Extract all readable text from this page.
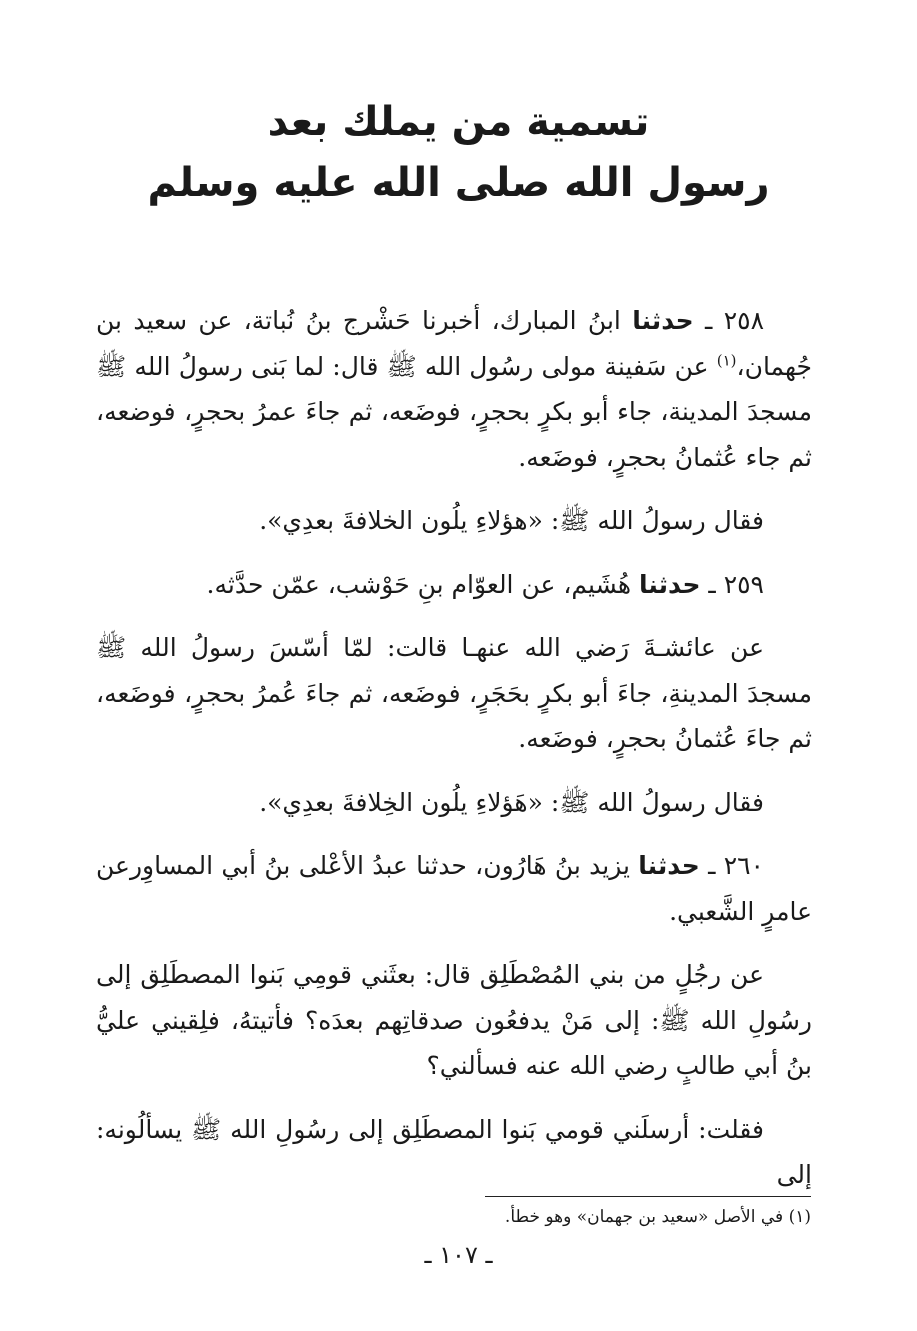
تسمية من يملك بعد
رسول الله صلى الله عليه وسلم

٢٥٨ ـ حدثنا ابنُ المبارك، أخبرنا حَشْرج بنُ نُباتة، عن سعيد بن جُهمان،$^{(١)}$ عن سَفينة مولى رسُول الله ﷺ قال: لما بَنى رسولُ الله ﷺ مسجدَ المدينة، جاء أبو بكرٍ بحجرٍ، فوضَعه، ثم جاءَ عمرُ بحجرٍ، فوضعه، ثم جاء عُثمانُ بحجرٍ، فوضَعه.

فقال رسولُ الله ﷺ: «هؤلاءِ يلُون الخلافةَ بعدِي».

٢٥٩ ـ حدثنا هُشَيم، عن العوّام بنِ حَوْشب، عمّن حدَّثه.

عن عائشـةَ رَضي الله عنهـا قالت: لمّا أسّسَ رسولُ الله ﷺ مسجدَ المدينةِ، جاءَ أبو بكرٍ بحَجَرٍ، فوضَعه، ثم جاءَ عُمرُ بحجرٍ، فوضَعه، ثم جاءَ عُثمانُ بحجرٍ، فوضَعه.

فقال رسولُ الله ﷺ: «هَؤلاءِ يلُون الخِلافةَ بعدِي».

٢٦٠ ـ حدثنا يزيد بنُ هَارُون، حدثنا عبدُ الأعْلى بنُ أبي المساوِرعن عامرٍ الشَّعبي.

عن رجُلٍ من بني المُصْطَلِق قال: بعثَني قومِي بَنوا المصطَلِق إلى رسُولِ الله ﷺ: إلى مَنْ يدفعُون صدقاتِهم بعدَه؟ فأتيتهُ، فلِقيني عليُّ بنُ أبي طالبٍ رضي الله عنه فسألني؟

فقلت: أرسلَني قومي بَنوا المصطَلِق إلى رسُولِ الله ﷺ يسألُونه: إلى

(١) في الأصل «سعيد بن جهمان» وهو خطأ.
ـ ١٠٧ ـ
